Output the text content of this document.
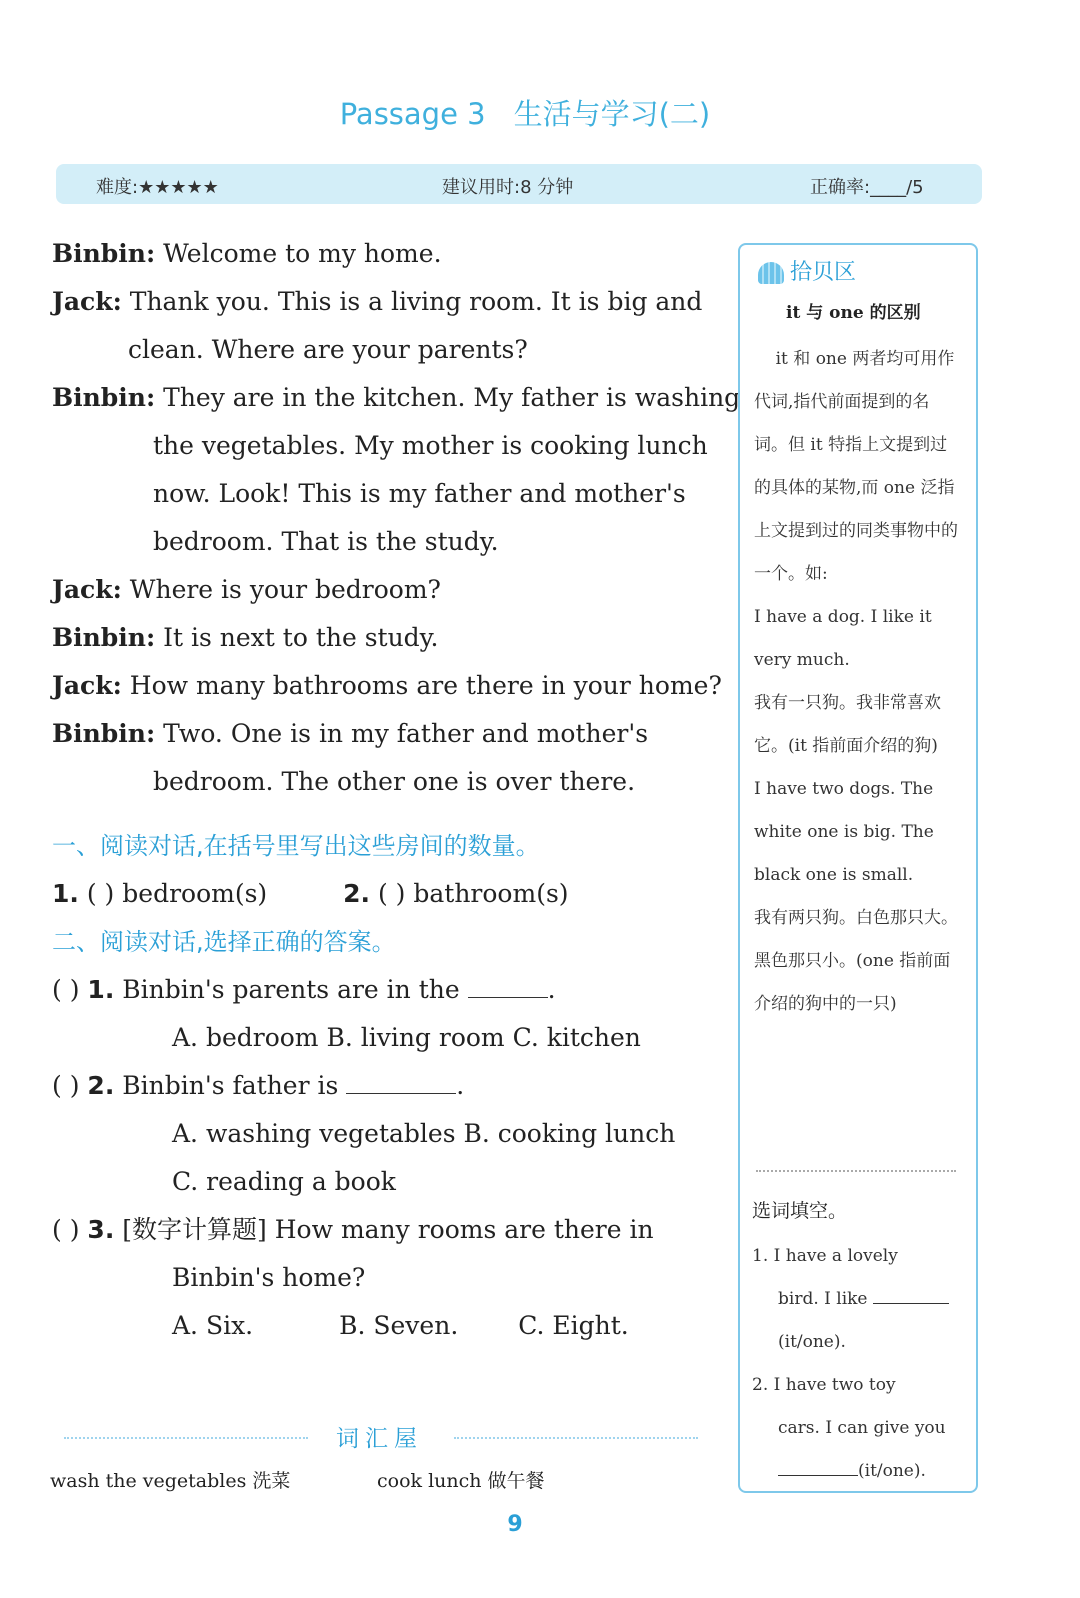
Passage 3 生活与学习(二)
难度:★★★★★	建议用时:8 分钟	正确率:____/5
Binbin: Welcome to my home.
Jack: Thank you. This is a living room. It is big and
clean. Where are your parents?
Binbin: They are in the kitchen. My father is washing
the vegetables. My mother is cooking lunch
now. Look! This is my father and mother's
bedroom. That is the study.
Jack: Where is your bedroom?
Binbin: It is next to the study.
Jack: How many bathrooms are there in your home?
Binbin: Two. One is in my father and mother's
bedroom. The other one is over there.
一、阅读对话,在括号里写出这些房间的数量。
1. ( ) bedroom(s)	2. ( ) bathroom(s)
二、阅读对话,选择正确的答案。
( ) 1. Binbin's parents are in the	.
A. bedroom B. living room C. kitchen
( ) 2. Binbin's father is	.
A. washing vegetables B. cooking lunch
C. reading a book
( ) 3. [数字计算题] How many rooms are there in
Binbin's home?
A. Six.	B. Seven. C. Eight.
拾贝区
it 与 one 的区别

it 和 one 两者均可用作代词,指代前面提到的名词。但 it 特指上文提到过的具体的某物,而 one 泛指上文提到过的同类事物中的一个。如:

I have a dog. I like it very much.

我有一只狗。我非常喜欢它。(it 指前面介绍的狗)

I have two dogs. The white one is big. The black one is small.

我有两只狗。白色那只大。黑色那只小。(one 指前面介绍的狗中的一只)

选词填空。
1. I have a lovely
bird. I like
(it/one).
2. I have two toy
cars. I can give you
(it/one).
词汇屋
wash the vegetables 洗菜	cook lunch 做午餐
9
